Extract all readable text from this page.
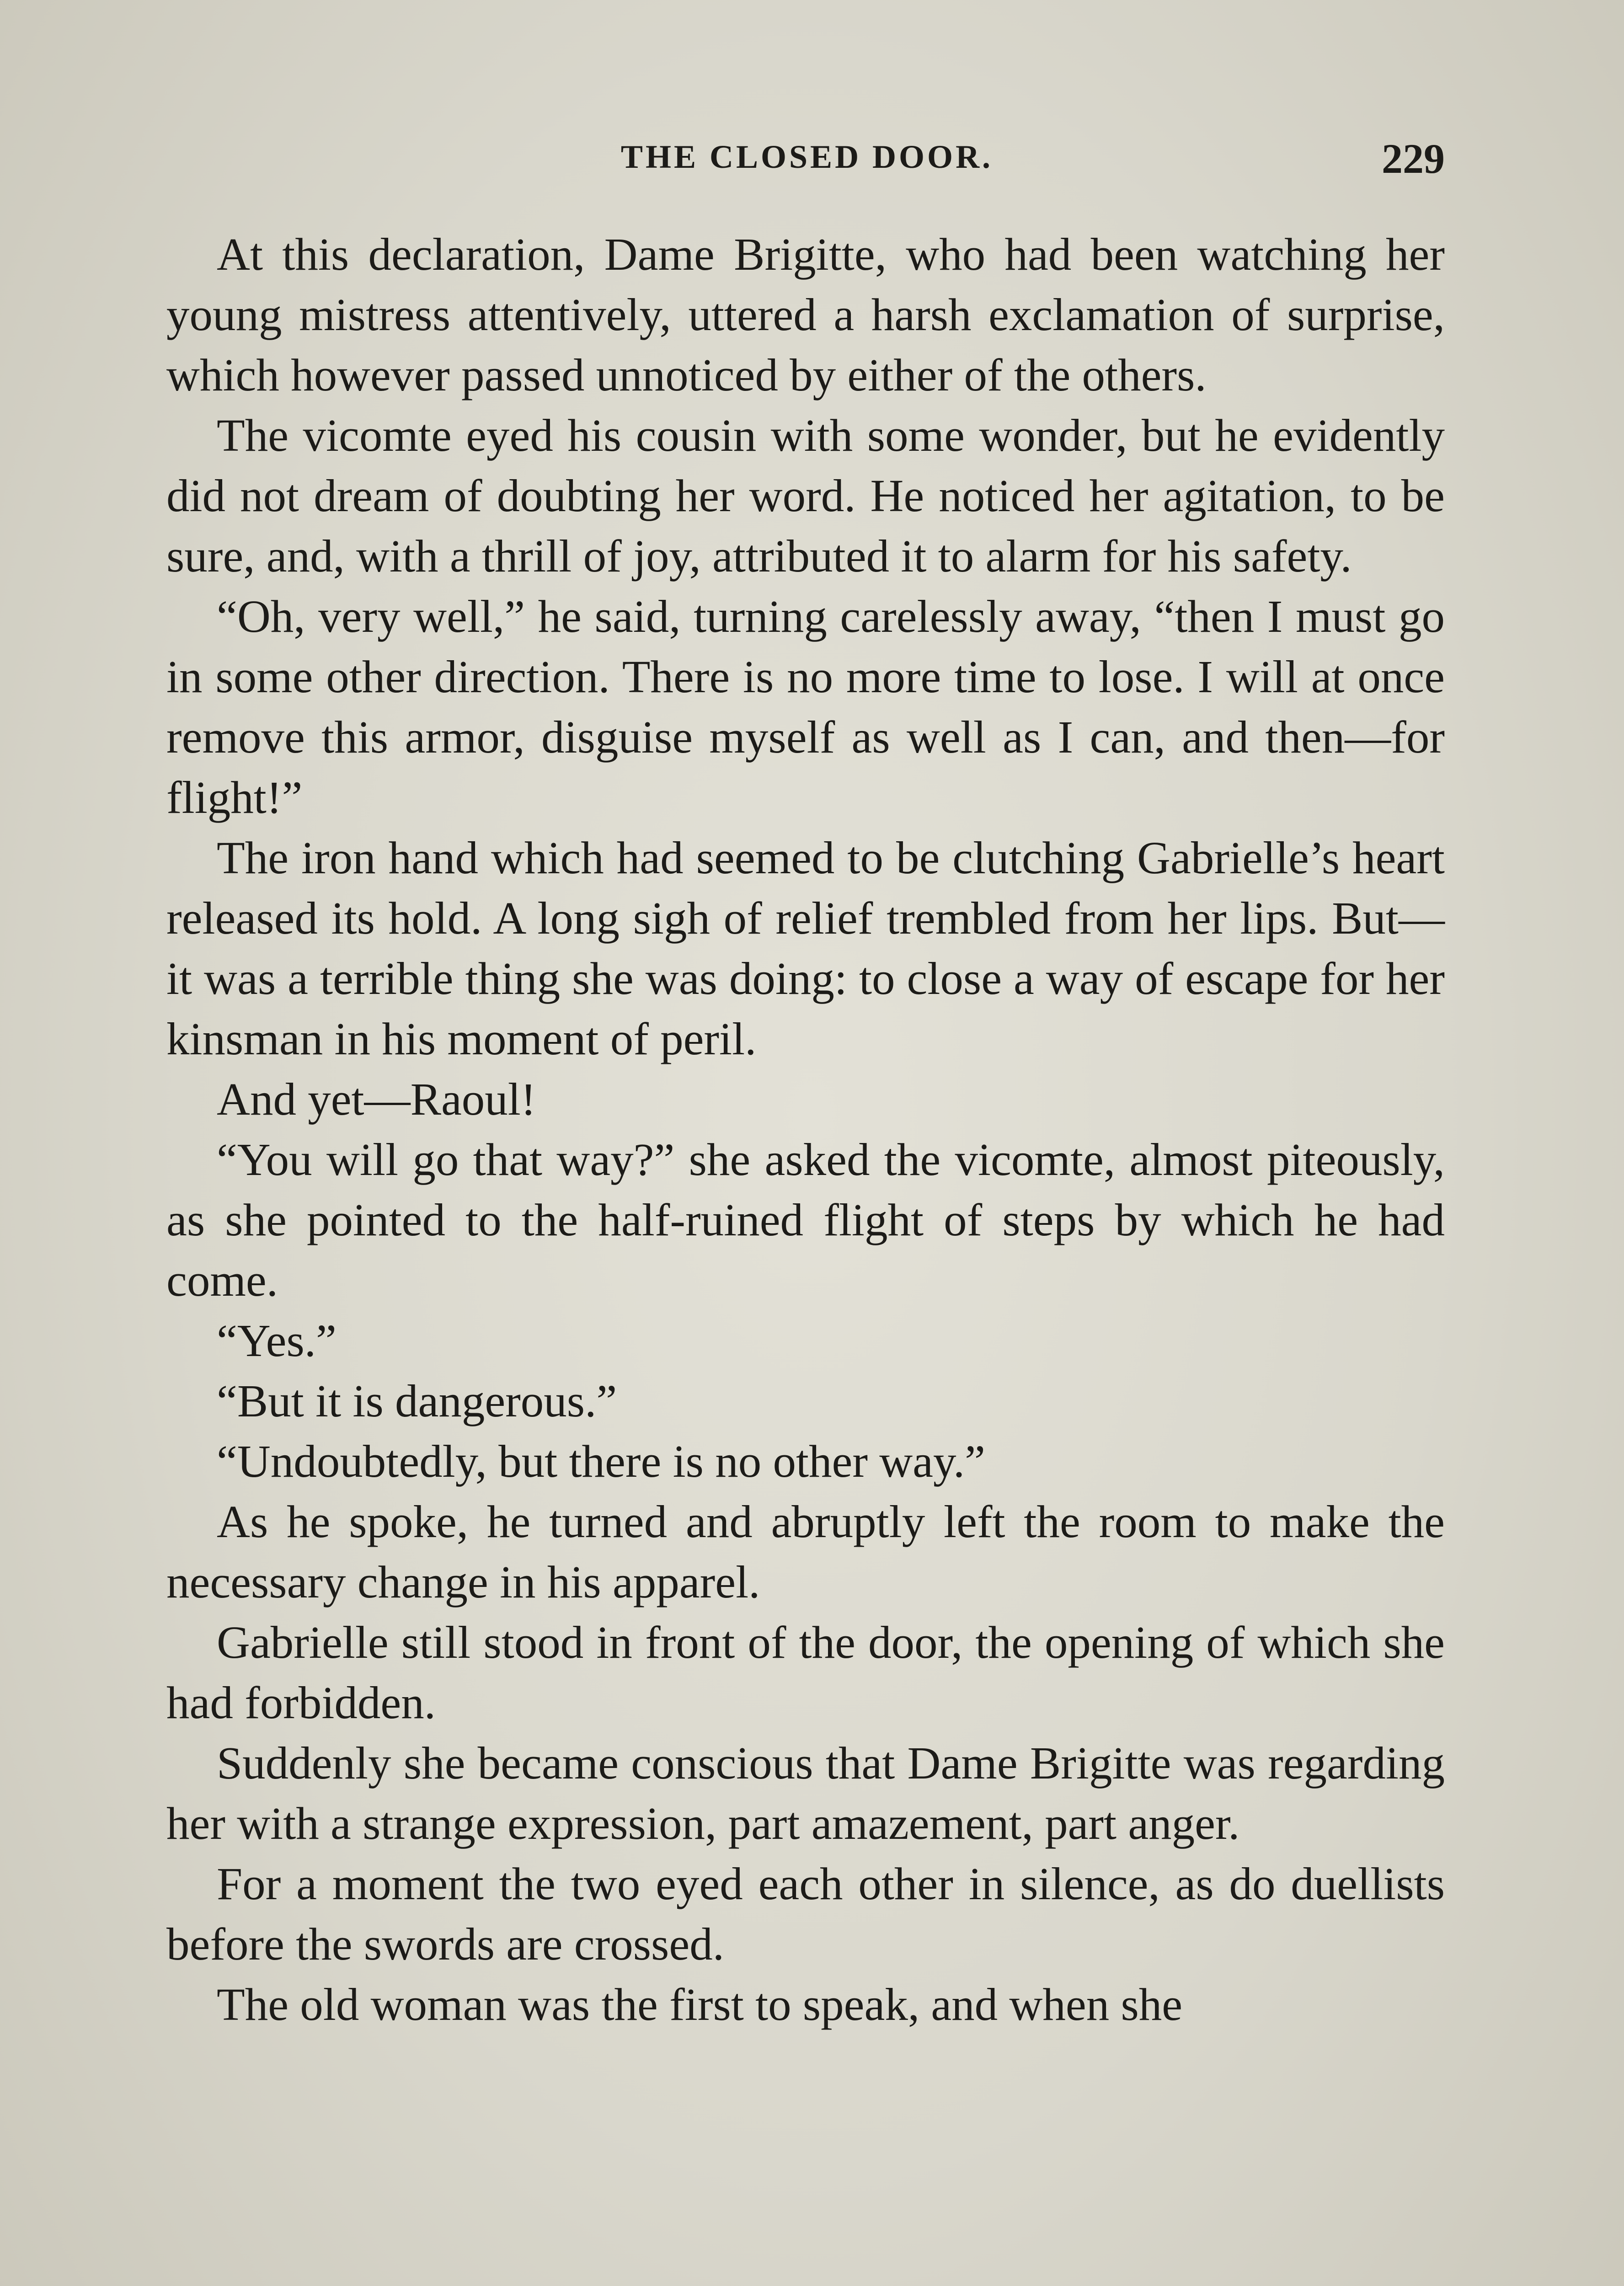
THE CLOSED DOOR.	229

At this declaration, Dame Brigitte, who had been watching her young mistress attentively, uttered a harsh exclamation of surprise, which however passed unnoticed by either of the others.

The vicomte eyed his cousin with some wonder, but he evidently did not dream of doubting her word. He noticed her agitation, to be sure, and, with a thrill of joy, attributed it to alarm for his safety.

“Oh, very well,” he said, turning carelessly away, “then I must go in some other direction. There is no more time to lose. I will at once remove this armor, disguise myself as well as I can, and then—for flight!”

The iron hand which had seemed to be clutching Gabrielle’s heart released its hold. A long sigh of relief trembled from her lips. But—it was a terrible thing she was doing: to close a way of escape for her kinsman in his moment of peril.

And yet—Raoul!

“You will go that way?” she asked the vicomte, almost piteously, as she pointed to the half-ruined flight of steps by which he had come.

“Yes.”

“But it is dangerous.”

“Undoubtedly, but there is no other way.”

As he spoke, he turned and abruptly left the room to make the necessary change in his apparel.

Gabrielle still stood in front of the door, the opening of which she had forbidden.

Suddenly she became conscious that Dame Brigitte was regarding her with a strange expression, part amazement, part anger.

For a moment the two eyed each other in silence, as do duellists before the swords are crossed.

The old woman was the first to speak, and when she
